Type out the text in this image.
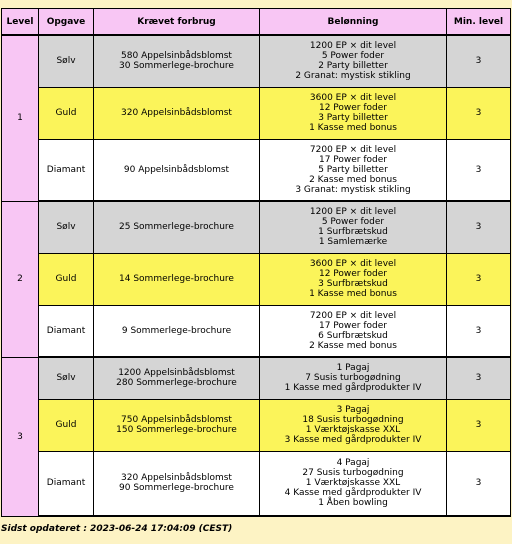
Level	Opgave	Krævet forbrug	Belønning	Min. level
1	Sølv	580 Appelsinbådsblomst
30 Sommerlege-brochure	1200 EP × dit level
5 Power foder
2 Party billetter
2 Granat: mystisk stikling	3
	Guld	320 Appelsinbådsblomst	3600 EP × dit level
12 Power foder
3 Party billetter
1 Kasse med bonus	3
	Diamant	90 Appelsinbådsblomst	7200 EP × dit level
17 Power foder
5 Party billetter
2 Kasse med bonus
3 Granat: mystisk stikling	3
2	Sølv	25 Sommerlege-brochure	1200 EP × dit level
5 Power foder
1 Surfbrætskud
1 Samlemærke	3
	Guld	14 Sommerlege-brochure	3600 EP × dit level
12 Power foder
3 Surfbrætskud
1 Kasse med bonus	3
	Diamant	9 Sommerlege-brochure	7200 EP × dit level
17 Power foder
6 Surfbrætskud
2 Kasse med bonus	3
3	Sølv	1200 Appelsinbådsblomst
280 Sommerlege-brochure	1 Pagaj
7 Susis turbogødning
1 Kasse med gårdprodukter IV	3
	Guld	750 Appelsinbådsblomst
150 Sommerlege-brochure	3 Pagaj
18 Susis turbogødning
1 Værktøjskasse XXL
3 Kasse med gårdprodukter IV	3
	Diamant	320 Appelsinbådsblomst
90 Sommerlege-brochure	4 Pagaj
27 Susis turbogødning
1 Værktøjskasse XXL
4 Kasse med gårdprodukter IV
1 Åben bowling	3
Sidst opdateret : 2023-06-24 17:04:09 (CEST)
